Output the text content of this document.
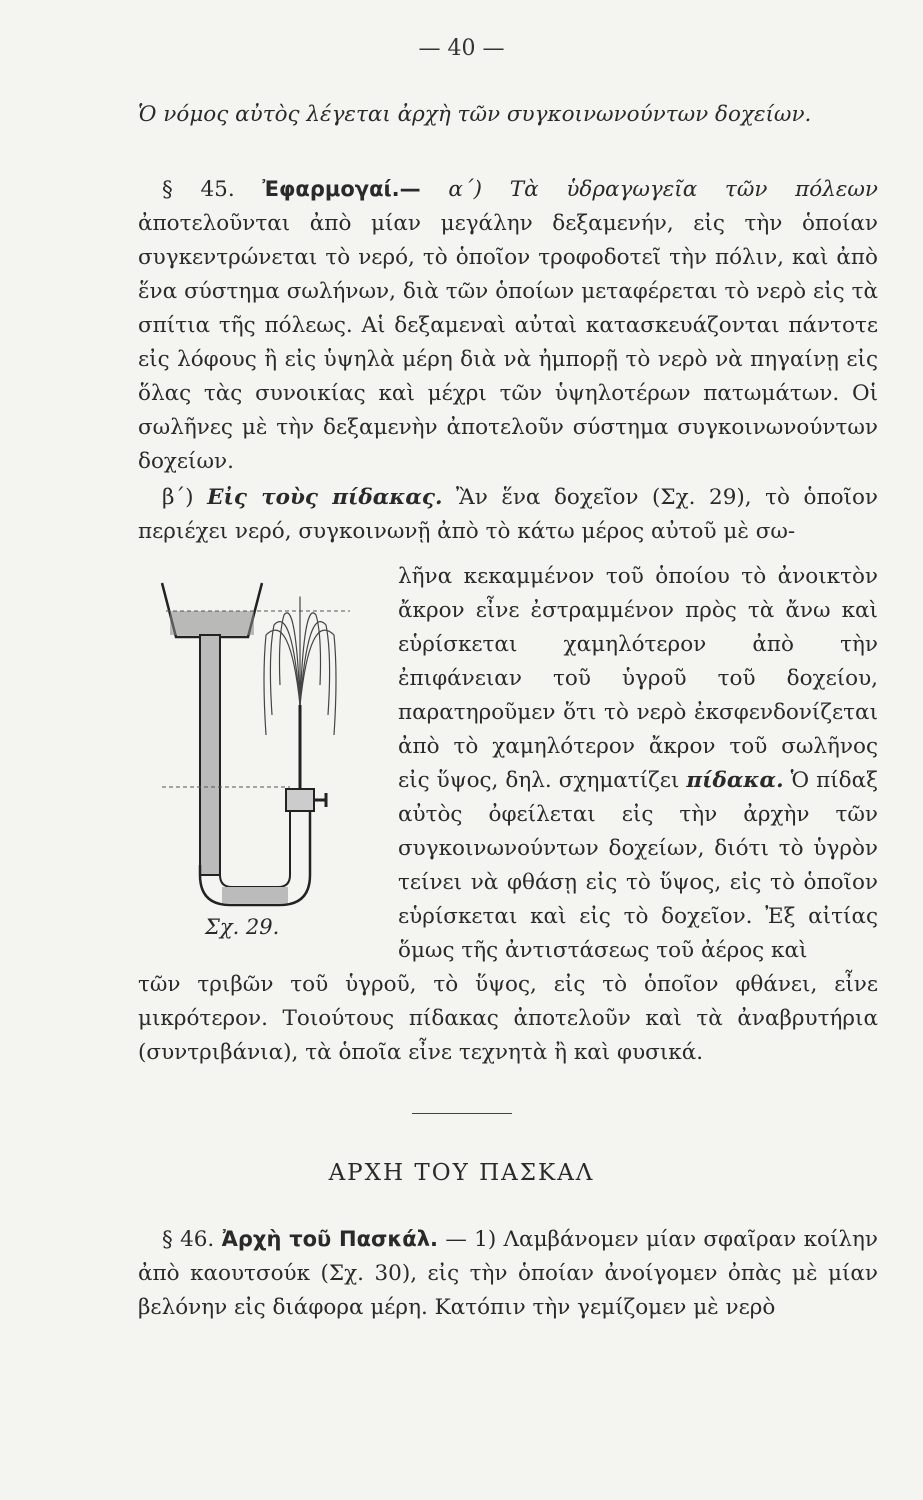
— 40 —

Ὁ νόμος αὐτὸς λέγεται ἀρχὴ τῶν συγκοινωνούντων δοχείων.

§ 45. Ἐφαρμογαί.— α΄) Τὰ ὑδραγωγεῖα τῶν πόλεων ἀποτελοῦνται ἀπὸ μίαν μεγάλην δεξαμενήν, εἰς τὴν ὁποίαν συγκεντρώνεται τὸ νερό, τὸ ὁποῖον τροφοδοτεῖ τὴν πόλιν, καὶ ἀπὸ ἕνα σύστημα σωλήνων, διὰ τῶν ὁποίων μεταφέρεται τὸ νερὸ εἰς τὰ σπίτια τῆς πόλεως. Αἱ δεξαμεναὶ αὐταὶ κατασκευάζονται πάντοτε εἰς λόφους ἢ εἰς ὑψηλὰ μέρη διὰ νὰ ἠμπορῇ τὸ νερὸ νὰ πηγαίνῃ εἰς ὅλας τὰς συνοικίας καὶ μέχρι τῶν ὑψηλοτέρων πατωμάτων. Οἱ σωλῆνες μὲ τὴν δεξαμενὴν ἀποτελοῦν σύστημα συγκοινωνούντων δοχείων.

β΄) Εἰς τοὺς πίδακας. Ἂν ἕνα δοχεῖον (Σχ. 29), τὸ ὁποῖον περιέχει νερό, συγκοινωνῇ ἀπὸ τὸ κάτω μέρος αὐτοῦ μὲ σω-

λῆνα κεκαμμένον τοῦ ὁποίου τὸ ἀνοικτὸν ἄκρον εἶνε ἐστραμμένον πρὸς τὰ ἄνω καὶ εὑρίσκεται χαμηλότερον ἀπὸ τὴν ἐπιφάνειαν τοῦ ὑγροῦ τοῦ δοχείου, παρατηροῦμεν ὅτι τὸ νερὸ ἐκσφενδονίζεται ἀπὸ τὸ χαμηλότερον ἄκρον τοῦ σωλῆνος εἰς ὕψος, δηλ. σχηματίζει πίδακα. Ὁ πίδαξ αὐτὸς ὀφείλεται εἰς τὴν ἀρχὴν τῶν συγκοινωνούντων δοχείων, διότι τὸ ὑγρὸν τείνει νὰ φθάσῃ εἰς τὸ ὕψος, εἰς τὸ ὁποῖον εὑρίσκεται καὶ εἰς τὸ δοχεῖον. Ἐξ αἰτίας ὅμως τῆς ἀντιστάσεως τοῦ ἀέρος καὶ

Σχ. 29.

τῶν τριβῶν τοῦ ὑγροῦ, τὸ ὕψος, εἰς τὸ ὁποῖον φθάνει, εἶνε μικρότερον. Τοιούτους πίδακας ἀποτελοῦν καὶ τὰ ἀναβρυτήρια (συντριβάνια), τὰ ὁποῖα εἶνε τεχνητὰ ἢ καὶ φυσικά.

ΑΡΧΗ ΤΟΥ ΠΑΣΚΑΛ

§ 46. Ἀρχὴ τοῦ Πασκάλ. — 1) Λαμβάνομεν μίαν σφαῖραν κοίλην ἀπὸ καουτσούκ (Σχ. 30), εἰς τὴν ὁποίαν ἀνοίγομεν ὀπὰς μὲ μίαν βελόνην εἰς διάφορα μέρη. Κατόπιν τὴν γεμίζομεν μὲ νερὸ
